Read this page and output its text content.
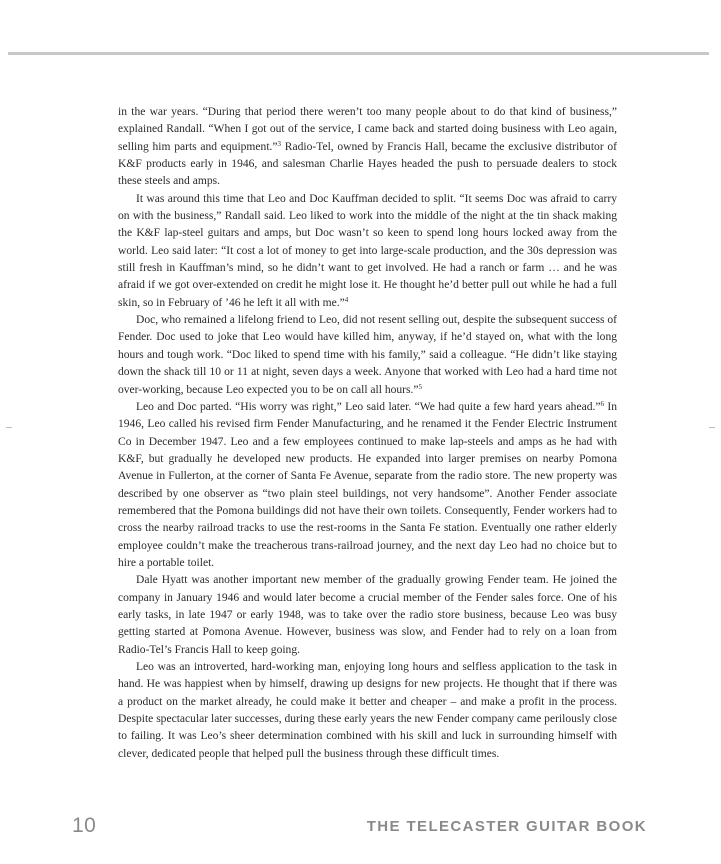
in the war years. “During that period there weren’t too many people about to do that kind of business,” explained Randall. “When I got out of the service, I came back and started doing business with Leo again, selling him parts and equipment.”$^3$ Radio-Tel, owned by Francis Hall, became the exclusive distributor of K&F products early in 1946, and salesman Charlie Hayes headed the push to persuade dealers to stock these steels and amps.

It was around this time that Leo and Doc Kauffman decided to split. “It seems Doc was afraid to carry on with the business,” Randall said. Leo liked to work into the middle of the night at the tin shack making the K&F lap-steel guitars and amps, but Doc wasn’t so keen to spend long hours locked away from the world. Leo said later: “It cost a lot of money to get into large-scale production, and the 30s depression was still fresh in Kauffman’s mind, so he didn’t want to get involved. He had a ranch or farm … and he was afraid if we got over-extended on credit he might lose it. He thought he’d better pull out while he had a full skin, so in February of ’46 he left it all with me.”$^4$

Doc, who remained a lifelong friend to Leo, did not resent selling out, despite the subsequent success of Fender. Doc used to joke that Leo would have killed him, anyway, if he’d stayed on, what with the long hours and tough work. “Doc liked to spend time with his family,” said a colleague. “He didn’t like staying down the shack till 10 or 11 at night, seven days a week. Anyone that worked with Leo had a hard time not over-working, because Leo expected you to be on call all hours.”$^5$

Leo and Doc parted. “His worry was right,” Leo said later. “We had quite a few hard years ahead.”$^6$ In 1946, Leo called his revised firm Fender Manufacturing, and he renamed it the Fender Electric Instrument Co in December 1947. Leo and a few employees continued to make lap-steels and amps as he had with K&F, but gradually he developed new products. He expanded into larger premises on nearby Pomona Avenue in Fullerton, at the corner of Santa Fe Avenue, separate from the radio store. The new property was described by one observer as “two plain steel buildings, not very handsome”. Another Fender associate remembered that the Pomona buildings did not have their own toilets. Consequently, Fender workers had to cross the nearby railroad tracks to use the rest-rooms in the Santa Fe station. Eventually one rather elderly employee couldn’t make the treacherous trans-railroad journey, and the next day Leo had no choice but to hire a portable toilet.

Dale Hyatt was another important new member of the gradually growing Fender team. He joined the company in January 1946 and would later become a crucial member of the Fender sales force. One of his early tasks, in late 1947 or early 1948, was to take over the radio store business, because Leo was busy getting started at Pomona Avenue. However, business was slow, and Fender had to rely on a loan from Radio-Tel’s Francis Hall to keep going.

Leo was an introverted, hard-working man, enjoying long hours and selfless application to the task in hand. He was happiest when by himself, drawing up designs for new projects. He thought that if there was a product on the market already, he could make it better and cheaper – and make a profit in the process. Despite spectacular later successes, during these early years the new Fender company came perilously close to failing. It was Leo’s sheer determination combined with his skill and luck in surrounding himself with clever, dedicated people that helped pull the business through these difficult times.

10	THE TELECASTER GUITAR BOOK
